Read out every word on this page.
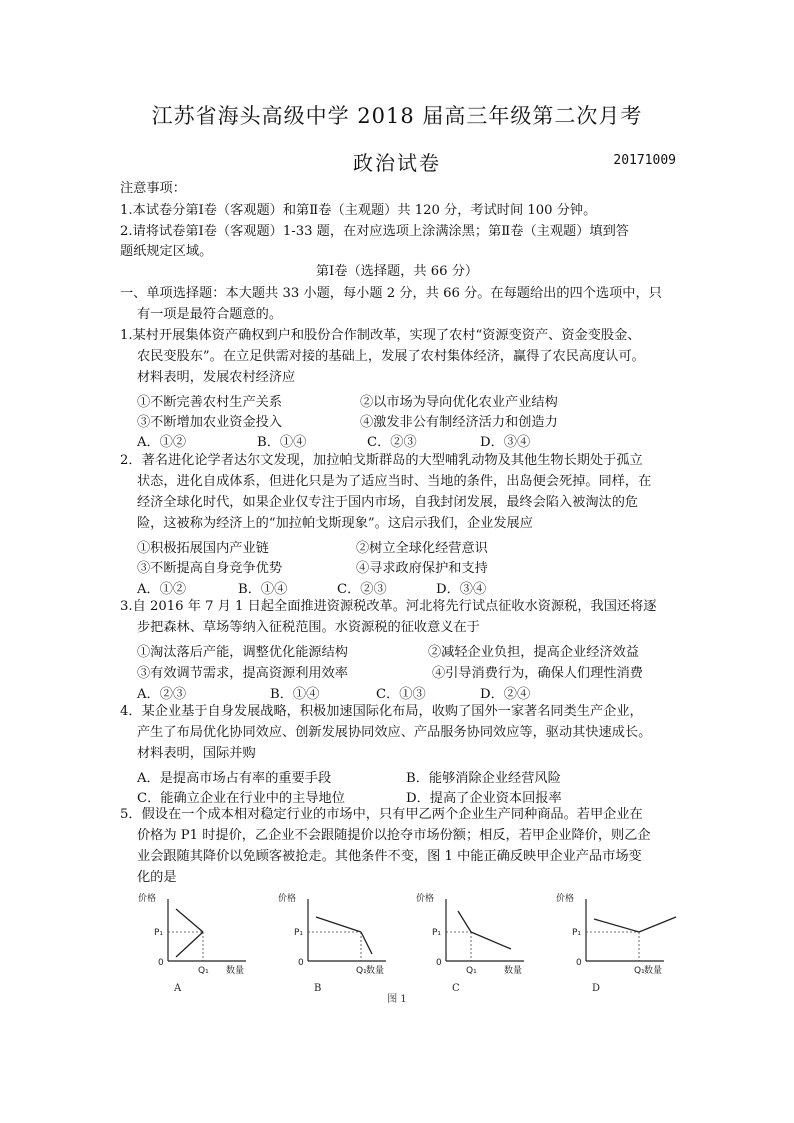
江苏省海头高级中学 2018 届高三年级第二次月考
政治试卷	20171009
注意事项：
1.本试卷分第Ⅰ卷（客观题）和第Ⅱ卷（主观题）共 120 分，考试时间 100 分钟。
2.请将试卷第Ⅰ卷（客观题）1-33 题，在对应选项上涂满涂黑；第Ⅱ卷（主观题）填到答
题纸规定区域。
第Ⅰ卷（选择题，共 66 分）
一、单项选择题：本大题共 33 小题，每小题 2 分，共 66 分。在每题给出的四个选项中，只
有一项是最符合题意的。
1.某村开展集体资产确权到户和股份合作制改革，实现了农村“资源变资产、资金变股金、
农民变股东”。在立足供需对接的基础上，发展了农村集体经济，赢得了农民高度认可。
材料表明，发展农村经济应
①不断完善农村生产关系	②以市场为导向优化农业产业结构
③不断增加农业资金投入	④激发非公有制经济活力和创造力
A．①②	B．①④	C．②③	D．③④
2．著名进化论学者达尔文发现，加拉帕戈斯群岛的大型哺乳动物及其他生物长期处于孤立
状态，进化自成体系，但进化只是为了适应当时、当地的条件，出岛便会死掉。同样，在
经济全球化时代，如果企业仅专注于国内市场，自我封闭发展，最终会陷入被淘汰的危
险，这被称为经济上的“加拉帕戈斯现象”。这启示我们，企业发展应
①积极拓展国内产业链	②树立全球化经营意识
③不断提高自身竞争优势	④寻求政府保护和支持
A．①②	B．①④	C．②③	D．③④
3.自 2016 年 7 月 1 日起全面推进资源税改革。河北将先行试点征收水资源税，我国还将逐
步把森林、草场等纳入征税范围。水资源税的征收意义在于
①淘汰落后产能，调整优化能源结构	②减轻企业负担，提高企业经济效益
③有效调节需求，提高资源利用效率	④引导消费行为，确保人们理性消费
A．②③	B．①④	C．①③	D．②④
4．某企业基于自身发展战略，积极加速国际化布局，收购了国外一家著名同类生产企业，
产生了布局优化协同效应、创新发展协同效应、产品服务协同效应等，驱动其快速成长。
材料表明，国际并购
A．是提高市场占有率的重要手段	B．能够消除企业经营风险
C．能确立企业在行业中的主导地位	D．提高了企业资本回报率
5．假设在一个成本相对稳定行业的市场中，只有甲乙两个企业生产同种商品。若甲企业在
价格为 P1 时提价，乙企业不会跟随提价以抢夺市场份额；相反，若甲企业降价，则乙企
业会跟随其降价以免顾客被抢走。其他条件不变，图 1 中能正确反映甲企业产品市场变
化的是
价格
P₁
0
Q₁ 数量
A
价格
P₁
0
Q₁ 数量
B
价格
P₁
0
Q₁	数量
C
价格
P₁
0
Q₁ 数量
D
图 1
